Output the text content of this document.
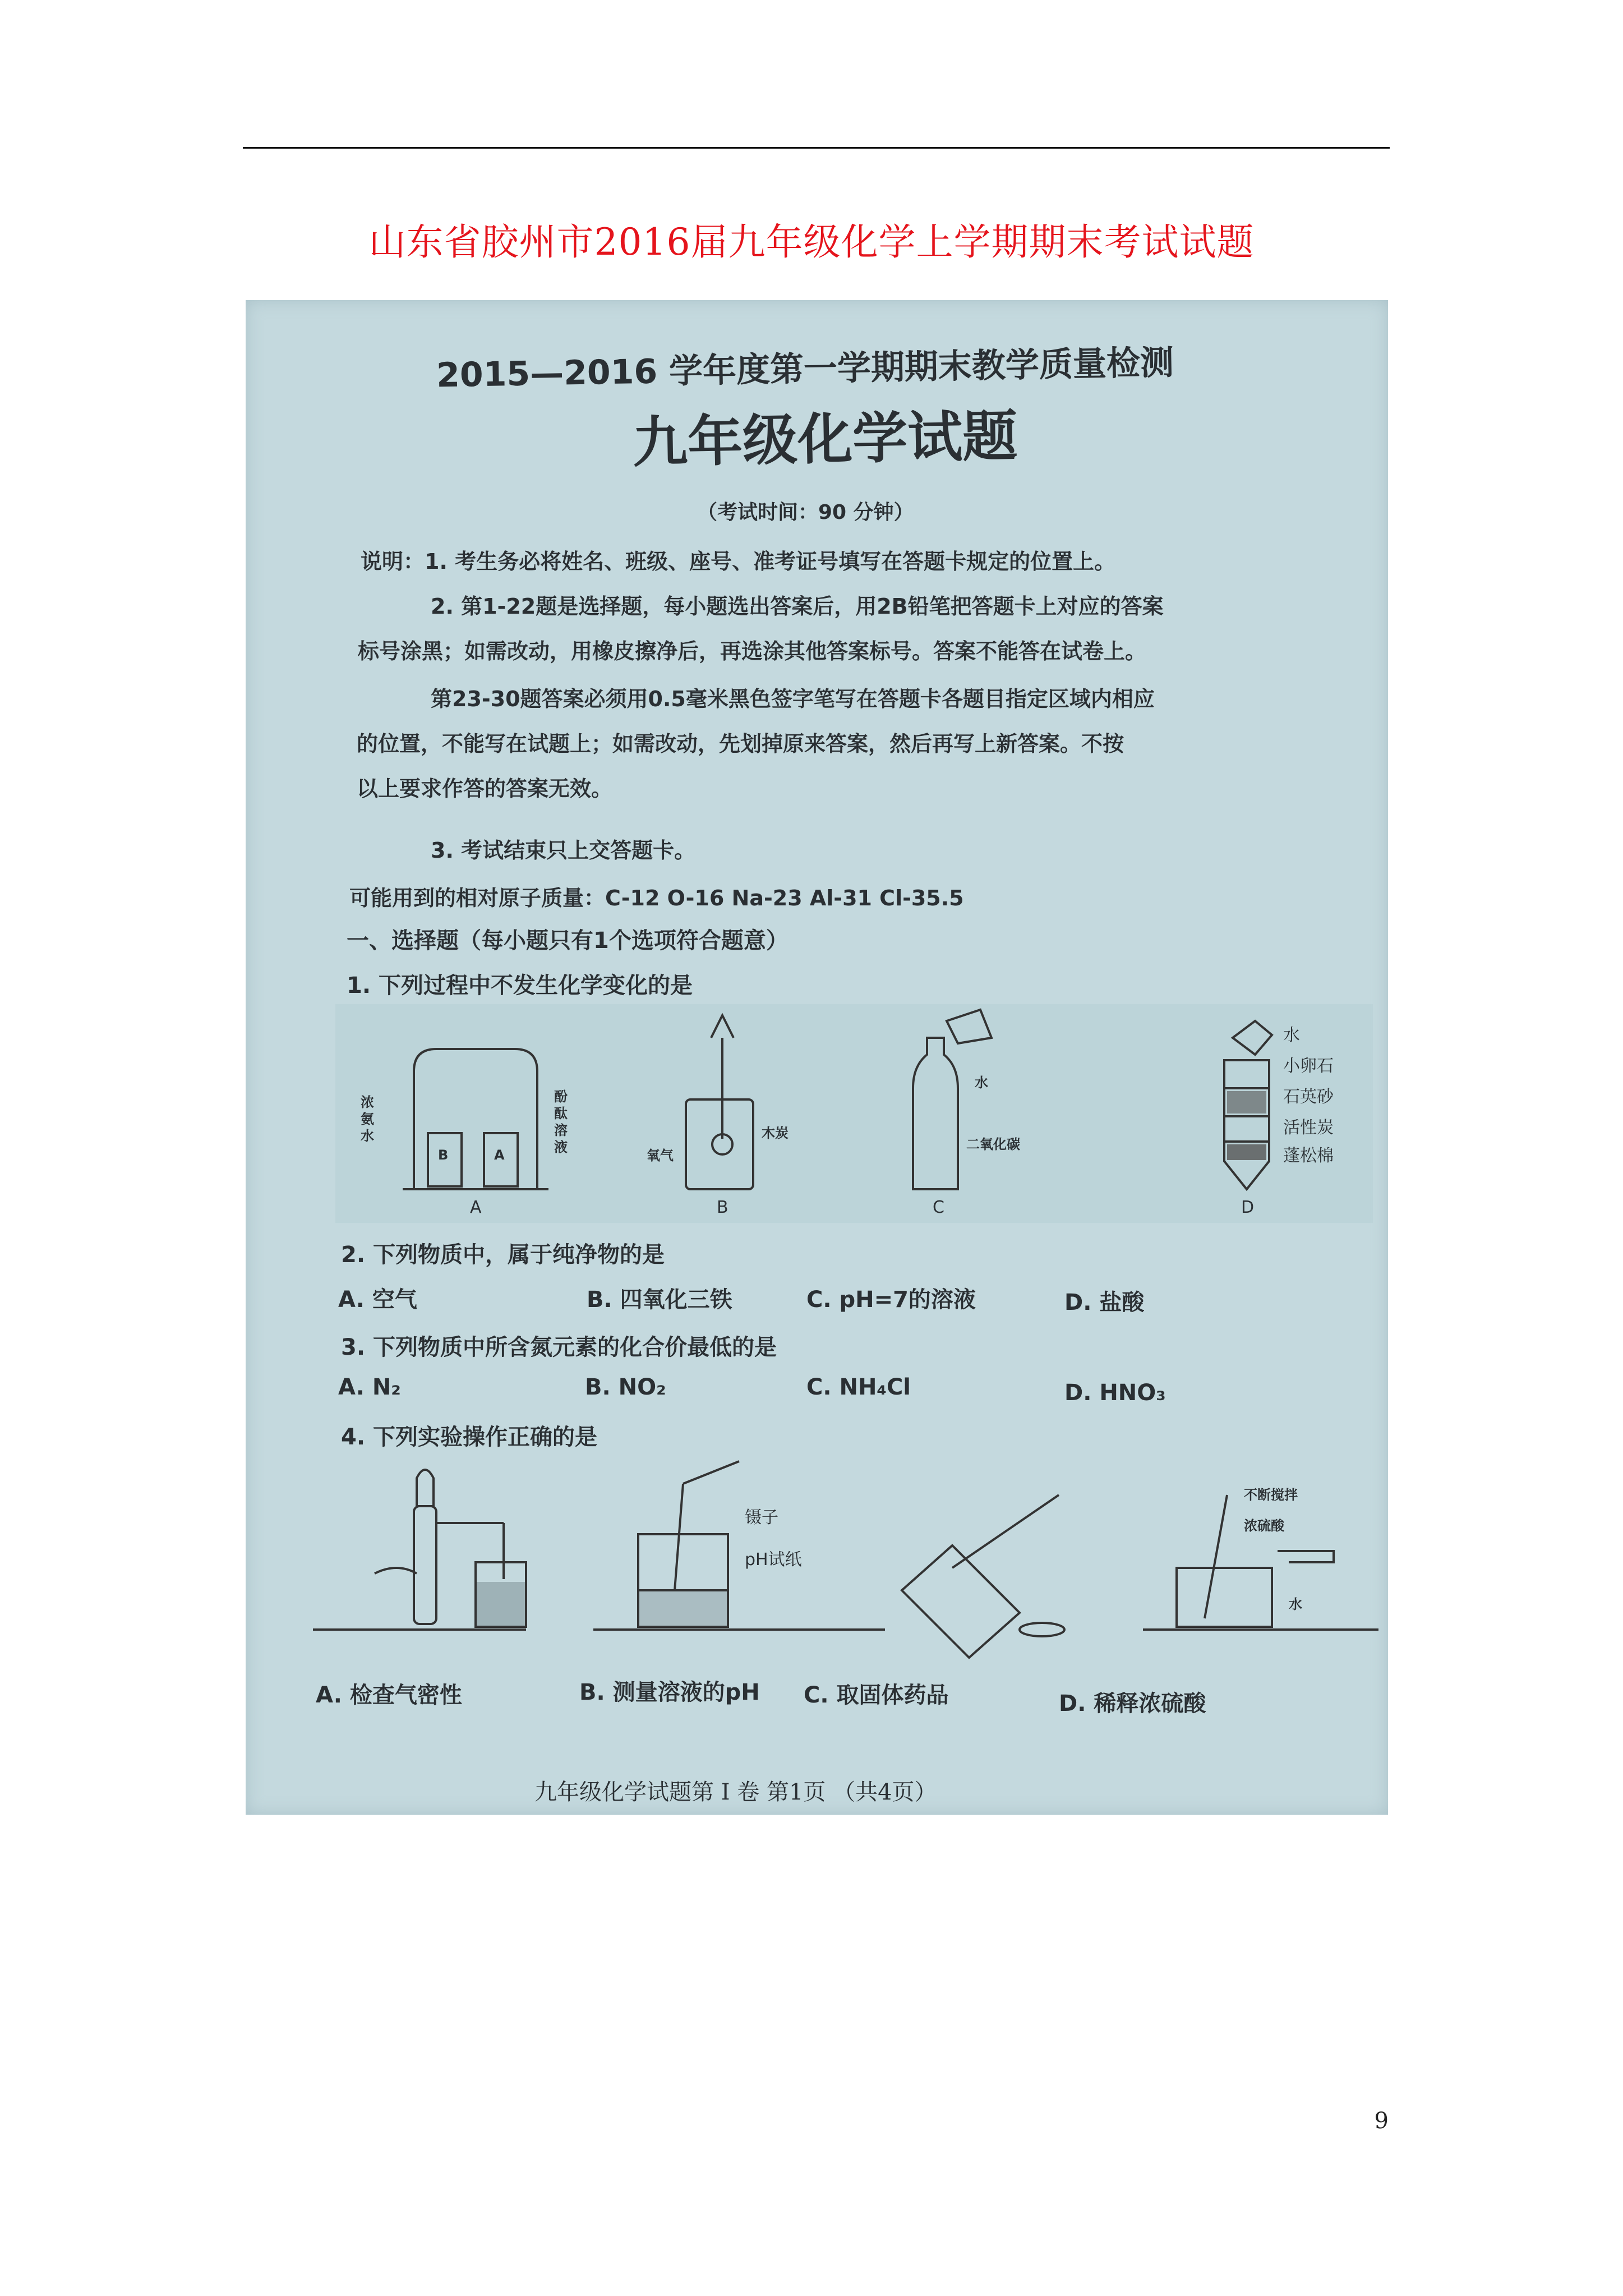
山东省胶州市2016届九年级化学上学期期末考试试题
2015—2016 学年度第一学期期末教学质量检测
九年级化学试题
（考试时间：90 分钟）
说明：1. 考生务必将姓名、班级、座号、准考证号填写在答题卡规定的位置上。
2. 第1-22题是选择题，每小题选出答案后，用2B铅笔把答题卡上对应的答案
标号涂黑；如需改动，用橡皮擦净后，再选涂其他答案标号。答案不能答在试卷上。
第23-30题答案必须用0.5毫米黑色签字笔写在答题卡各题目指定区域内相应
的位置，不能写在试题上；如需改动，先划掉原来答案，然后再写上新答案。不按
以上要求作答的答案无效。
3. 考试结束只上交答题卡。
可能用到的相对原子质量：C-12 O-16 Na-23 Al-31 Cl-35.5
一、选择题（每小题只有1个选项符合题意）
1. 下列过程中不发生化学变化的是
浓氨水
酚酞溶液
B	A	氧气
木炭
水
二氧化碳
水
小卵石
石英砂
活性炭
蓬松棉
A	B	C	D
2. 下列物质中，属于纯净物的是
A. 空气	B. 四氧化三铁	C. pH=7的溶液	D. 盐酸
3. 下列物质中所含氮元素的化合价最低的是
A. N₂	B. NO₂	C. NH₄Cl	D. HNO₃
4. 下列实验操作正确的是
镊子
pH试纸
不断搅拌
浓硫酸
水
A. 检查气密性	B. 测量溶液的pH C. 取固体药品	D. 稀释浓硫酸
九年级化学试题第 I 卷 第1页 （共4页）
9
